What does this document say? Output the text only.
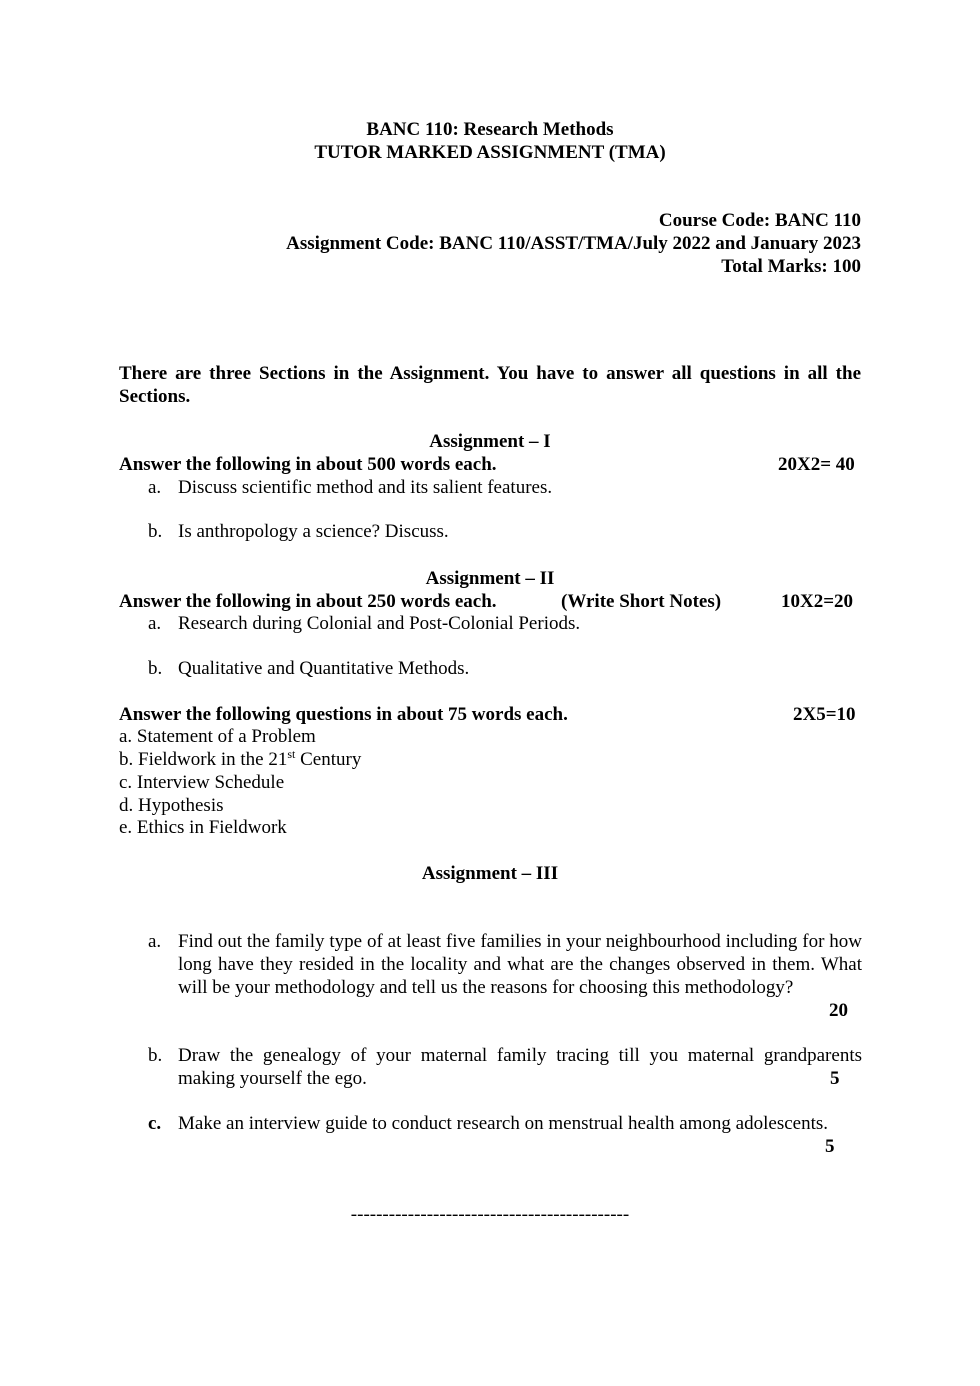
BANC 110: Research Methods
TUTOR MARKED ASSIGNMENT (TMA)
Course Code: BANC 110
Assignment Code: BANC 110/ASST/TMA/July 2022 and January 2023
Total Marks: 100
There are three Sections in the Assignment. You have to answer all questions in all the Sections.
Assignment – I
Answer the following in about 500 words each.	20X2= 40
a. Discuss scientific method and its salient features.
b. Is anthropology a science? Discuss.
Assignment – II
Answer the following in about 250 words each.	(Write Short Notes)	10X2=20
a. Research during Colonial and Post-Colonial Periods.
b. Qualitative and Quantitative Methods.
Answer the following questions in about 75 words each.	2X5=10
a. Statement of a Problem
b. Fieldwork in the 21st Century
c. Interview Schedule
d. Hypothesis
e. Ethics in Fieldwork
Assignment – III
a. Find out the family type of at least five families in your neighbourhood including for how long have they resided in the locality and what are the changes observed in them. What will be your methodology and tell us the reasons for choosing this methodology?
20
b. Draw the genealogy of your maternal family tracing till you maternal grandparents making yourself the ego.	5
c. Make an interview guide to conduct research on menstrual health among adolescents.
5
--------------------------------------------
